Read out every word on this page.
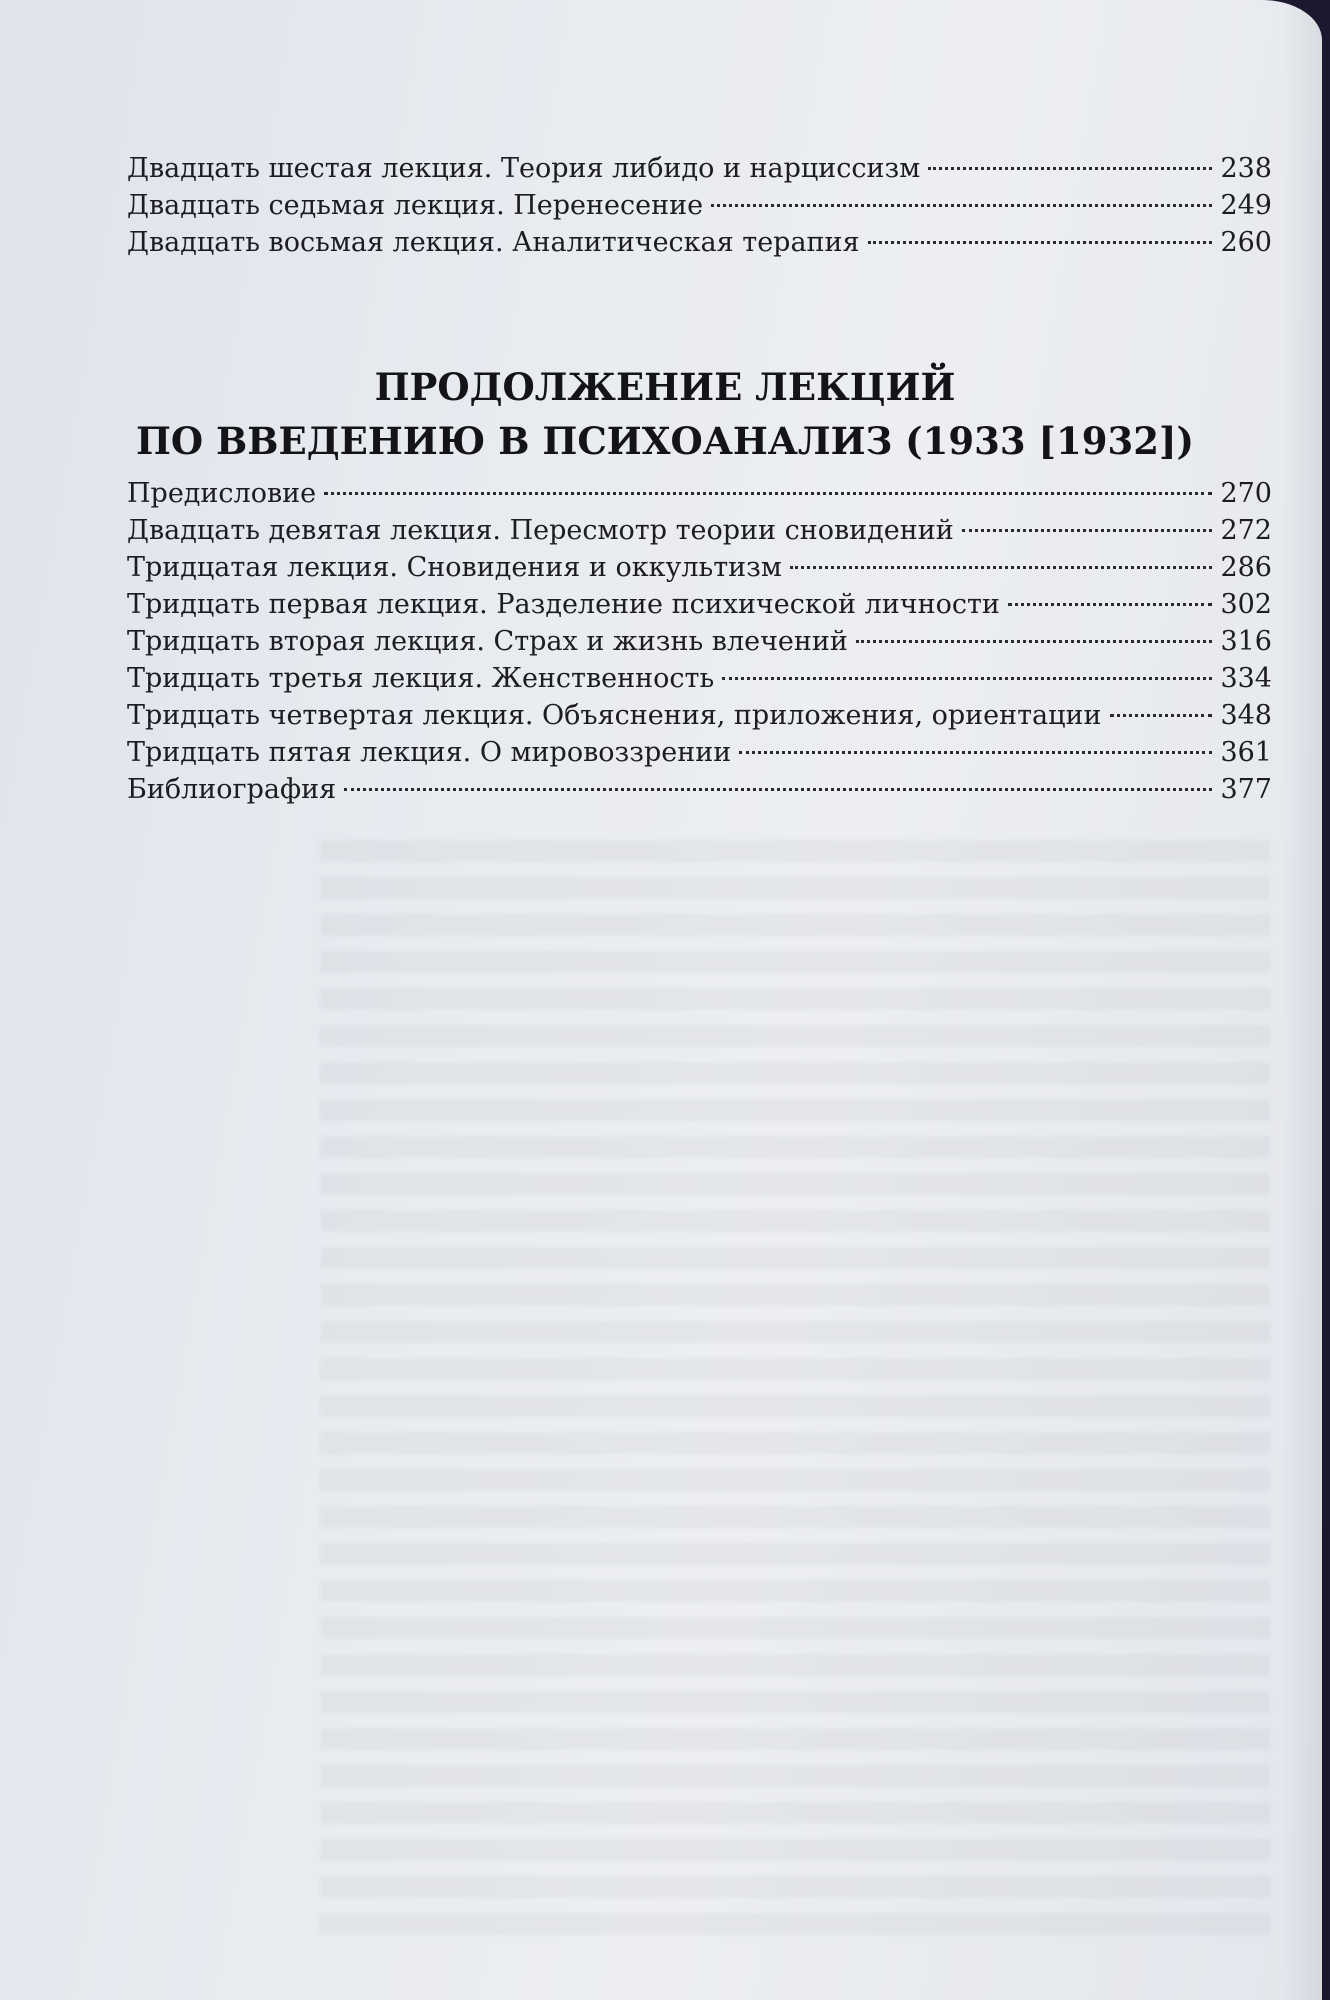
Двадцать шестая лекция. Теория либидо и нарциссизм	238
Двадцать седьмая лекция. Перенесение	249
Двадцать восьмая лекция. Аналитическая терапия	260
ПРОДОЛЖЕНИЕ ЛЕКЦИЙ
ПО ВВЕДЕНИЮ В ПСИХОАНАЛИЗ (1933 [1932])
Предисловие	270
Двадцать девятая лекция. Пересмотр теории сновидений	272
Тридцатая лекция. Сновидения и оккультизм	286
Тридцать первая лекция. Разделение психической личности	302
Тридцать вторая лекция. Страх и жизнь влечений	316
Тридцать третья лекция. Женственность	334
Тридцать четвертая лекция. Объяснения, приложения, ориентации	348
Тридцать пятая лекция. О мировоззрении	361
Библиография	377
